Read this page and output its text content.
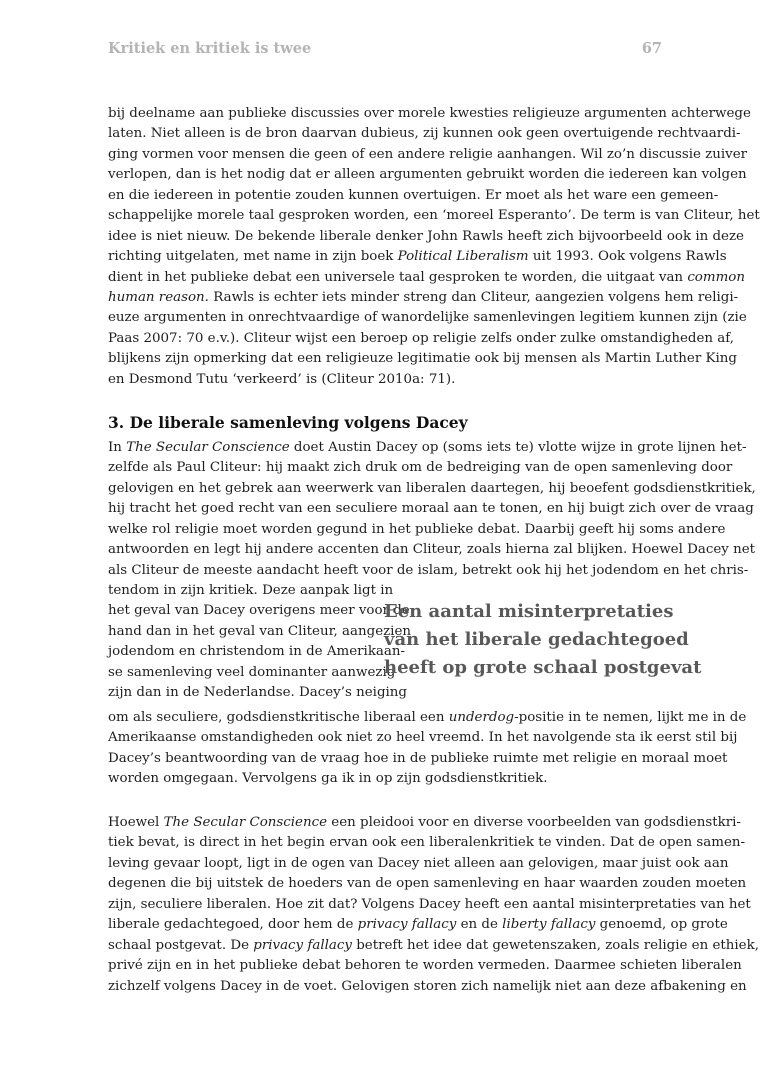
Kritiek en kritiek is twee	67
bij deelname aan publieke discussies over morele kwesties religieuze argumenten achterwege
laten. Niet alleen is de bron daarvan dubieus, zij kunnen ook geen overtuigende rechtvaardi-
ging vormen voor mensen die geen of een andere religie aanhangen. Wil zo’n discussie zuiver
verlopen, dan is het nodig dat er alleen argumenten gebruikt worden die iedereen kan volgen
en die iedereen in potentie zouden kunnen overtuigen. Er moet als het ware een gemeen-
schappelijke morele taal gesproken worden, een ‘moreel Esperanto’. De term is van Cliteur, het
idee is niet nieuw. De bekende liberale denker John Rawls heeft zich bijvoorbeeld ook in deze
richting uitgelaten, met name in zijn boek Political Liberalism uit 1993. Ook volgens Rawls
dient in het publieke debat een universele taal gesproken te worden, die uitgaat van common
human reason. Rawls is echter iets minder streng dan Cliteur, aangezien volgens hem religi-
euze argumenten in onrechtvaardige of wanordelijke samenlevingen legitiem kunnen zijn (zie
Paas 2007: 70 e.v.). Cliteur wijst een beroep op religie zelfs onder zulke omstandigheden af,
blijkens zijn opmerking dat een religieuze legitimatie ook bij mensen als Martin Luther King
en Desmond Tutu ‘verkeerd’ is (Cliteur 2010a: 71).
3. De liberale samenleving volgens Dacey
In The Secular Conscience doet Austin Dacey op (soms iets te) vlotte wijze in grote lijnen het-
zelfde als Paul Cliteur: hij maakt zich druk om de bedreiging van de open samenleving door
gelovigen en het gebrek aan weerwerk van liberalen daartegen, hij beoefent godsdienstkritiek,
hij tracht het goed recht van een seculiere moraal aan te tonen, en hij buigt zich over de vraag
welke rol religie moet worden gegund in het publieke debat. Daarbij geeft hij soms andere
antwoorden en legt hij andere accenten dan Cliteur, zoals hierna zal blijken. Hoewel Dacey net
als Cliteur de meeste aandacht heeft voor de islam, betrekt ook hij het jodendom en het chris-
tendom in zijn kritiek. Deze aanpak ligt in
het geval van Dacey overigens meer voor de
hand dan in het geval van Cliteur, aangezien
jodendom en christendom in de Amerikaan-
se samenleving veel dominanter aanwezig
zijn dan in de Nederlandse. Dacey’s neiging
om als seculiere, godsdienstkritische liberaal een underdog-positie in te nemen, lijkt me in de
Amerikaanse omstandigheden ook niet zo heel vreemd. In het navolgende sta ik eerst stil bij
Dacey’s beantwoording van de vraag hoe in de publieke ruimte met religie en moraal moet
worden omgegaan. Vervolgens ga ik in op zijn godsdienstkritiek.
Een aantal misinterpretaties
van het liberale gedachtegoed
heeft op grote schaal postgevat
Hoewel The Secular Conscience een pleidooi voor en diverse voorbeelden van godsdienstkri-
tiek bevat, is direct in het begin ervan ook een liberalenkritiek te vinden. Dat de open samen-
leving gevaar loopt, ligt in de ogen van Dacey niet alleen aan gelovigen, maar juist ook aan
degenen die bij uitstek de hoeders van de open samenleving en haar waarden zouden moeten
zijn, seculiere liberalen. Hoe zit dat? Volgens Dacey heeft een aantal misinterpretaties van het
liberale gedachtegoed, door hem de privacy fallacy en de liberty fallacy genoemd, op grote
schaal postgevat. De privacy fallacy betreft het idee dat gewetenszaken, zoals religie en ethiek,
privé zijn en in het publieke debat behoren te worden vermeden. Daarmee schieten liberalen
zichzelf volgens Dacey in de voet. Gelovigen storen zich namelijk niet aan deze afbakening en
